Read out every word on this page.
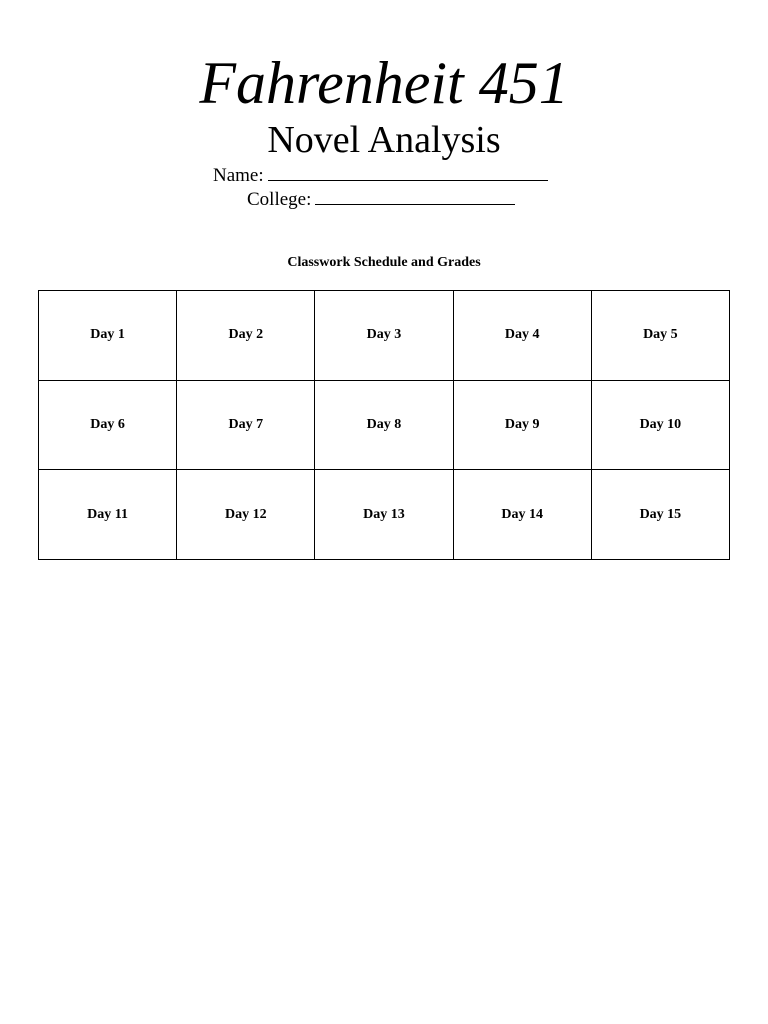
Fahrenheit 451
Novel Analysis
Name:
College:
Classwork Schedule and Grades
Day 1	Day 2	Day 3	Day 4	Day 5
Day 6	Day 7	Day 8	Day 9	Day 10
Day 11	Day 12	Day 13	Day 14	Day 15
